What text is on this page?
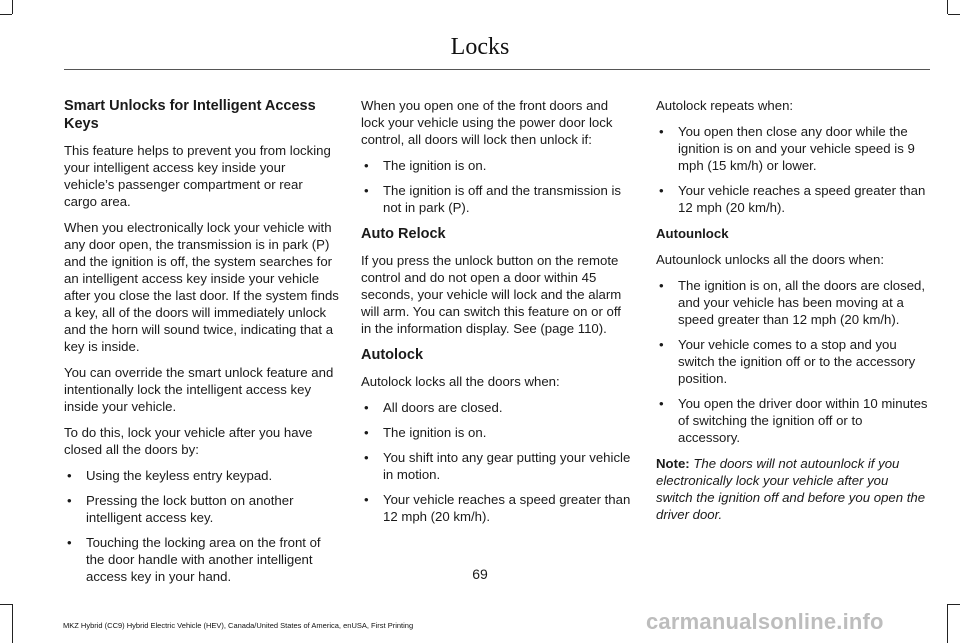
Locks
Smart Unlocks for Intelligent Access Keys

This feature helps to prevent you from locking your intelligent access key inside your vehicle’s passenger compartment or rear cargo area.

When you electronically lock your vehicle with any door open, the transmission is in park (P) and the ignition is off, the system searches for an intelligent access key inside your vehicle after you close the last door. If the system finds a key, all of the doors will immediately unlock and the horn will sound twice, indicating that a key is inside.

You can override the smart unlock feature and intentionally lock the intelligent access key inside your vehicle.

To do this, lock your vehicle after you have closed all the doors by:

• Using the keyless entry keypad.
• Pressing the lock button on another intelligent access key.
• Touching the locking area on the front of the door handle with another intelligent access key in your hand.

When you open one of the front doors and lock your vehicle using the power door lock control, all doors will lock then unlock if:

• The ignition is on.
• The ignition is off and the transmission is not in park (P).
Auto Relock

If you press the unlock button on the remote control and do not open a door within 45 seconds, your vehicle will lock and the alarm will arm. You can switch this feature on or off in the information display. See (page 110).

Autolock

Autolock locks all the doors when:

• All doors are closed.
• The ignition is on.
• You shift into any gear putting your vehicle in motion.
• Your vehicle reaches a speed greater than 12 mph (20 km/h).

Autolock repeats when:

• You open then close any door while the ignition is on and your vehicle speed is 9 mph (15 km/h) or lower.
• Your vehicle reaches a speed greater than 12 mph (20 km/h).
Autounlock

Autounlock unlocks all the doors when:

• The ignition is on, all the doors are closed, and your vehicle has been moving at a speed greater than 12 mph (20 km/h).
• Your vehicle comes to a stop and you switch the ignition off or to the accessory position.
• You open the driver door within 10 minutes of switching the ignition off or to accessory.

Note: The doors will not autounlock if you electronically lock your vehicle after you switch the ignition off and before you open the driver door.

69
MKZ Hybrid (CC9) Hybrid Electric Vehicle (HEV), Canada/United States of America, enUSA, First Printing	carmanualsonline.info
